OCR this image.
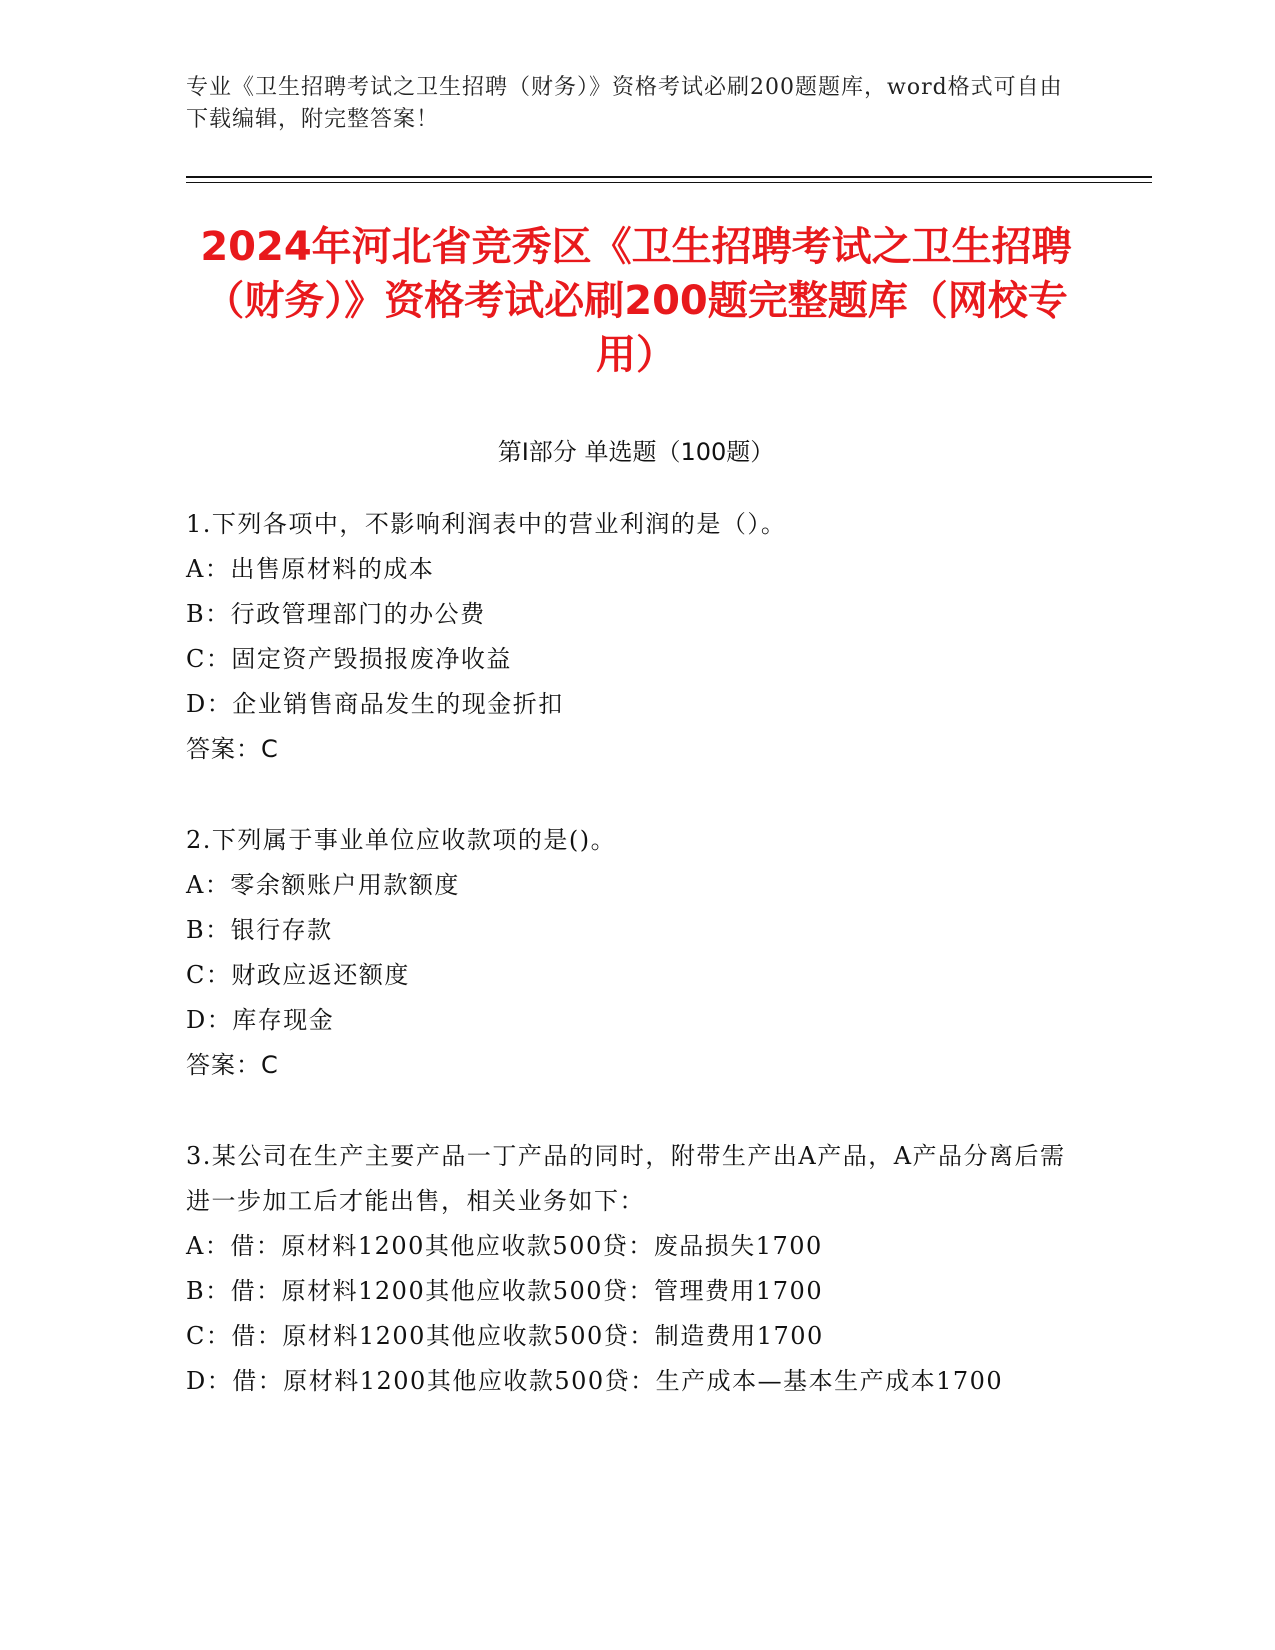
专业《卫生招聘考试之卫生招聘（财务）》资格考试必刷200题题库，word格式可自由下载编辑，附完整答案！
2024年河北省竞秀区《卫生招聘考试之卫生招聘（财务）》资格考试必刷200题完整题库（网校专用）
第Ⅰ部分 单选题（100题）

1.下列各项中，不影响利润表中的营业利润的是（）。

A：出售原材料的成本

B：行政管理部门的办公费

C：固定资产毁损报废净收益

D：企业销售商品发生的现金折扣

答案：C

2.下列属于事业单位应收款项的是()。

A：零余额账户用款额度

B：银行存款

C：财政应返还额度

D：库存现金

答案：C

3.某公司在生产主要产品一丁产品的同时，附带生产出A产品，A产品分离后需进一步加工后才能出售，相关业务如下：

A：借：原材料1200其他应收款500贷：废品损失1700

B：借：原材料1200其他应收款500贷：管理费用1700

C：借：原材料1200其他应收款500贷：制造费用1700

D：借：原材料1200其他应收款500贷：生产成本—基本生产成本1700
